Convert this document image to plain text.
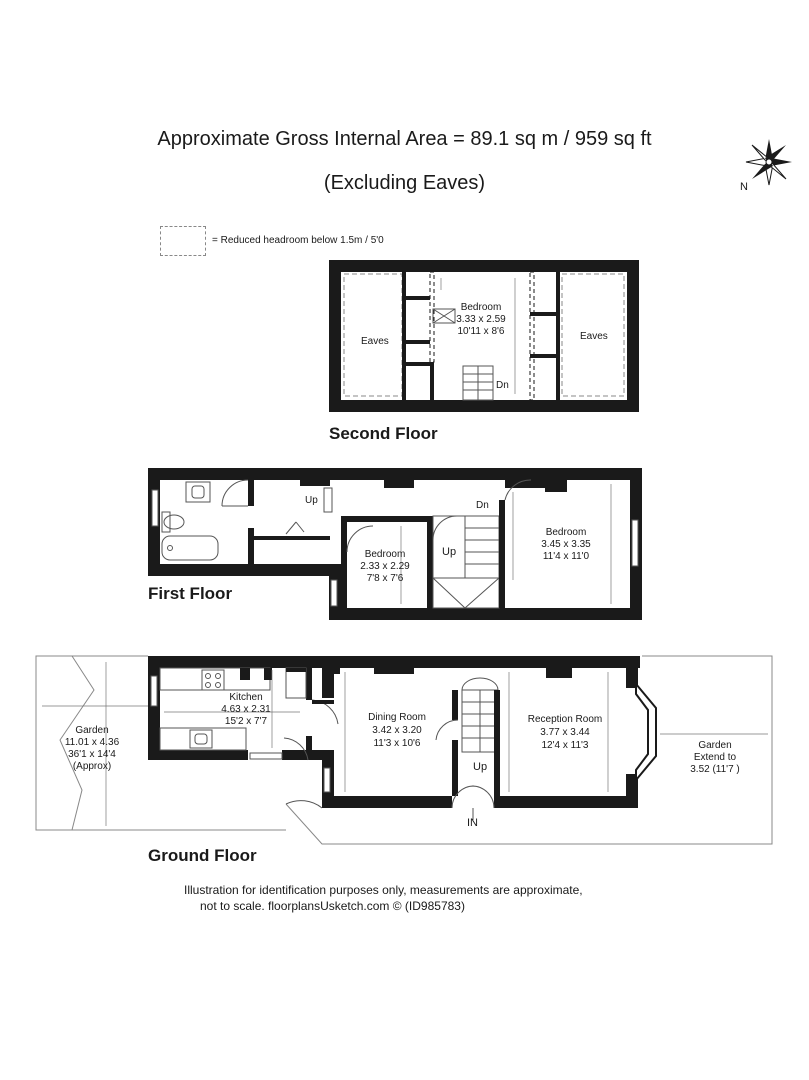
Approximate Gross Internal Area = 89.1 sq m / 959 sq ft
(Excluding Eaves)
= Reduced headroom below 1.5m / 5'0
Second Floor
First Floor
Ground Floor
Illustration for identification purposes only, measurements are approximate,
not to scale. floorplansUsketch.com © (ID985783)
N
Eaves	Eaves
Bedroom
3.33 x 2.59
10'11 x 8'6
Dn
Up	Dn
Up
Bedroom
2.33 x 2.29
7'8 x 7'6
Bedroom
3.45 x 3.35
11'4 x 11'0
Garden
11.01 x 4.36
36'1 x 14'4
(Approx)
Kitchen
4.63 x 2.31
15'2 x 7'7	Dining Room
3.42 x 3.20
11'3 x 10'6
Reception Room
3.77 x 3.44
12'4 x 11'3	Garden
Extend to
3.52 (11'7 )
Up
IN
